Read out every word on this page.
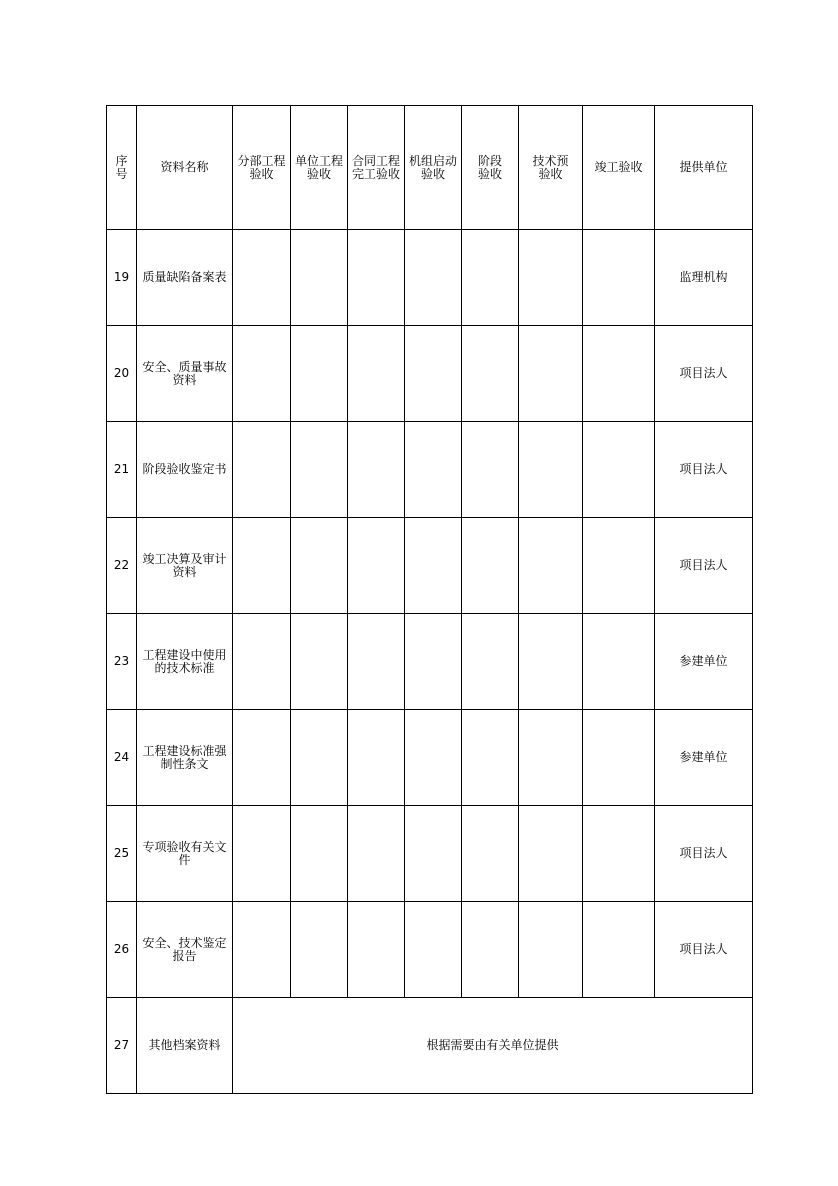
序号	资料名称	分部工程验收	单位工程验收	合同工程完工验收	机组启动验收	阶段验收	技术预验收	竣工验收	提供单位
19	质量缺陷备案表								监理机构
20	安全、质量事故资料								项目法人
21	阶段验收鉴定书								项目法人
22	竣工决算及审计资料								项目法人
23	工程建设中使用的技术标准								参建单位
24	工程建设标准强制性条文								参建单位
25	专项验收有关文件								项目法人
26	安全、技术鉴定报告								项目法人
27	其他档案资料	根据需要由有关单位提供							
